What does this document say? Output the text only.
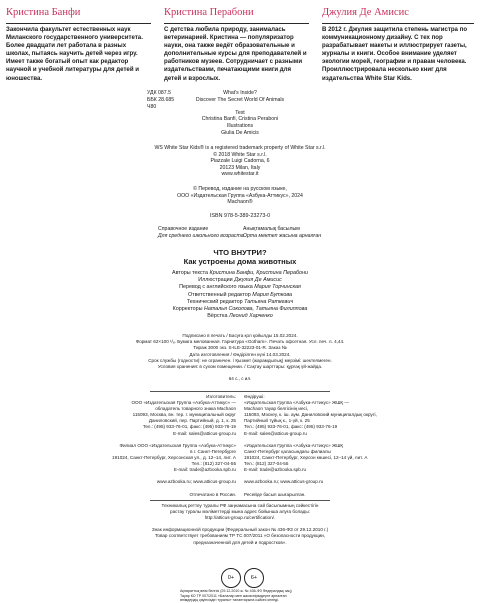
Кристина Банфи
Закончила факультет естественных наук Миланского государственного университета. Более двадцати лет работала в разных школах, пытаясь научить детей через игру. Имеет также богатый опыт как редактор научной и учебной литературы для детей и юношества.
Кристина Перабони
С детства любила природу, занималась ветеринарией. Кристина — популяризатор науки, она также ведёт образовательные и дополнительные курсы для преподавателей и работников музеев. Сотрудничает с разными издательствами, печатающими книги для детей и взрослых.
Джулия Де Амиcис
В 2012 г. Джулия защитила степень магистра по коммуникационному дизайну. С тех пор разрабатывает макеты и иллюстрирует газеты, журналы и книги. Особое внимание уделяет экологии морей, географии и правам человека. Проиллюстрировала несколько книг для издательства White Star Kids.
УДК 087.5
ББК 28.685
Ч80
What's Inside?
Discover The Secret World Of Animals

Text
Christina Banfi, Cristina Peraboni
Illustrations
Giulia De Amicis
WS White Star Kids® is a registered trademark property of White Star s.r.l.
© 2018 White Star s.r.l.
Piazzale Luigi Cadorna, 6
20123 Milan, Italy
www.whitestar.it
© Перевод, издание на русском языке,
ООО «Издательская Группа «Азбука-Аттикус», 2024
Machaon®
ISBN 978-5-389-23273-0
Справочное издание
Для среднего школьного возраста
Анықтамалық басылым
Орта мектеп жасына арналған
ЧТО ВНУТРИ?
Как устроены дома животных
Авторы текста Кристина Банфи, Кристина Перабони
Иллюстрации Джулия Де Амиcис
Перевод с английского языка Мария Торчинская
Ответственный редактор Мария Буткова
Технический редактор Татьяна Раткевич
Корректоры Наталья Соколова, Татьяна Филиппова
Вёрстка Леонид Харченко
Подписано в печать / Басуға қол қойылды 15.02.2024.
Формат 62×100 ¹/₈. Бумага мелованная. Гарнитура «Gotham». Печать офсетная. Усл. печ. л. 4,44.
Тираж 3000 экз. S-ILE-32223-01-R. Заказ №
Дата изготовления / Өндірілген күні 14.03.2024.
Срок службы (годности): не ограничен. / Қызмет (жарамдылық) мерзімі: шектелмеген.
Условия хранения: в сухом помещении. / Сақтау шарттары: құрғақ үй-жайда.

64 с., с ил.
Изготовитель:
ООО «Издательская Группа «Азбука-Аттикус» —
обладатель товарного знака Machaon
115093, Москва, вн. тер. г. муниципальный округ
Даниловский, пер. Партийный, д. 1, к. 25
Тел.: (495) 933-76-01, факс: (495) 933-76-19
E-mail: sales@atticus-group.ru

Филиал ООО «Издательская Группа «Азбука-Аттикус»
в г. Санкт-Петербурге
191024, Санкт-Петербург, Херсонская ул., д. 12–14, лит. А
Тел.: (812) 327-04-55
E-mail: trade@azbooka.spb.ru

www.azbooka.ru; www.atticus-group.ru

Отпечатано в России.
Өндіруші:
«Издательская Группа «Азбука-Аттикус» ЖШҚ —
Machaon тауар белгісінің иесі,
115093, Мәскеу, к. іш. аум. Даниловский муниципалдық округі,
Партийный тұйық к., 1-үй, к. 25
Тел.: (495) 933-76-01, факс: (495) 933-76-19
E-mail: sales@atticus-group.ru

«Издательская Группа «Азбука-Аттикус» ЖШҚ
Санкт-Петербург қаласындағы филиалы
191024, Санкт-Петербург, Херсон көшесі, 12–14 үй, лит. А
Тел.: (812) 327-04-55
E-mail: trade@azbooka.spb.ru

www.azbooka.ru; www.atticus-group.ru

Ресейде басып шығарылған.
Техникалық реттеу туралы РФ заңнамасына сай басылымның сәйкестігін
растау туралы мәліметтерді мына адрес бойынша алуға болады:
http://atticus-group.ru/certification/.

Знак информационной продукции (Федеральный закон № 436-ФЗ от 29.12.2010 г.)
Товар соответствует требованиям ТР ТС 007/2011 «О безопасности продукции,
предназначенной для детей и подростков».
0+	6+
Ақпараттық өнім белгісі (29.12.2010 ж. № 436-ФЗ Федералдық заң)
Тауар КО ТР 007/2011 «Балалар мен жасөспірімдерге арналған
өнімдердің қауіпсіздігі туралы» талаптарына сәйкес келеді.
